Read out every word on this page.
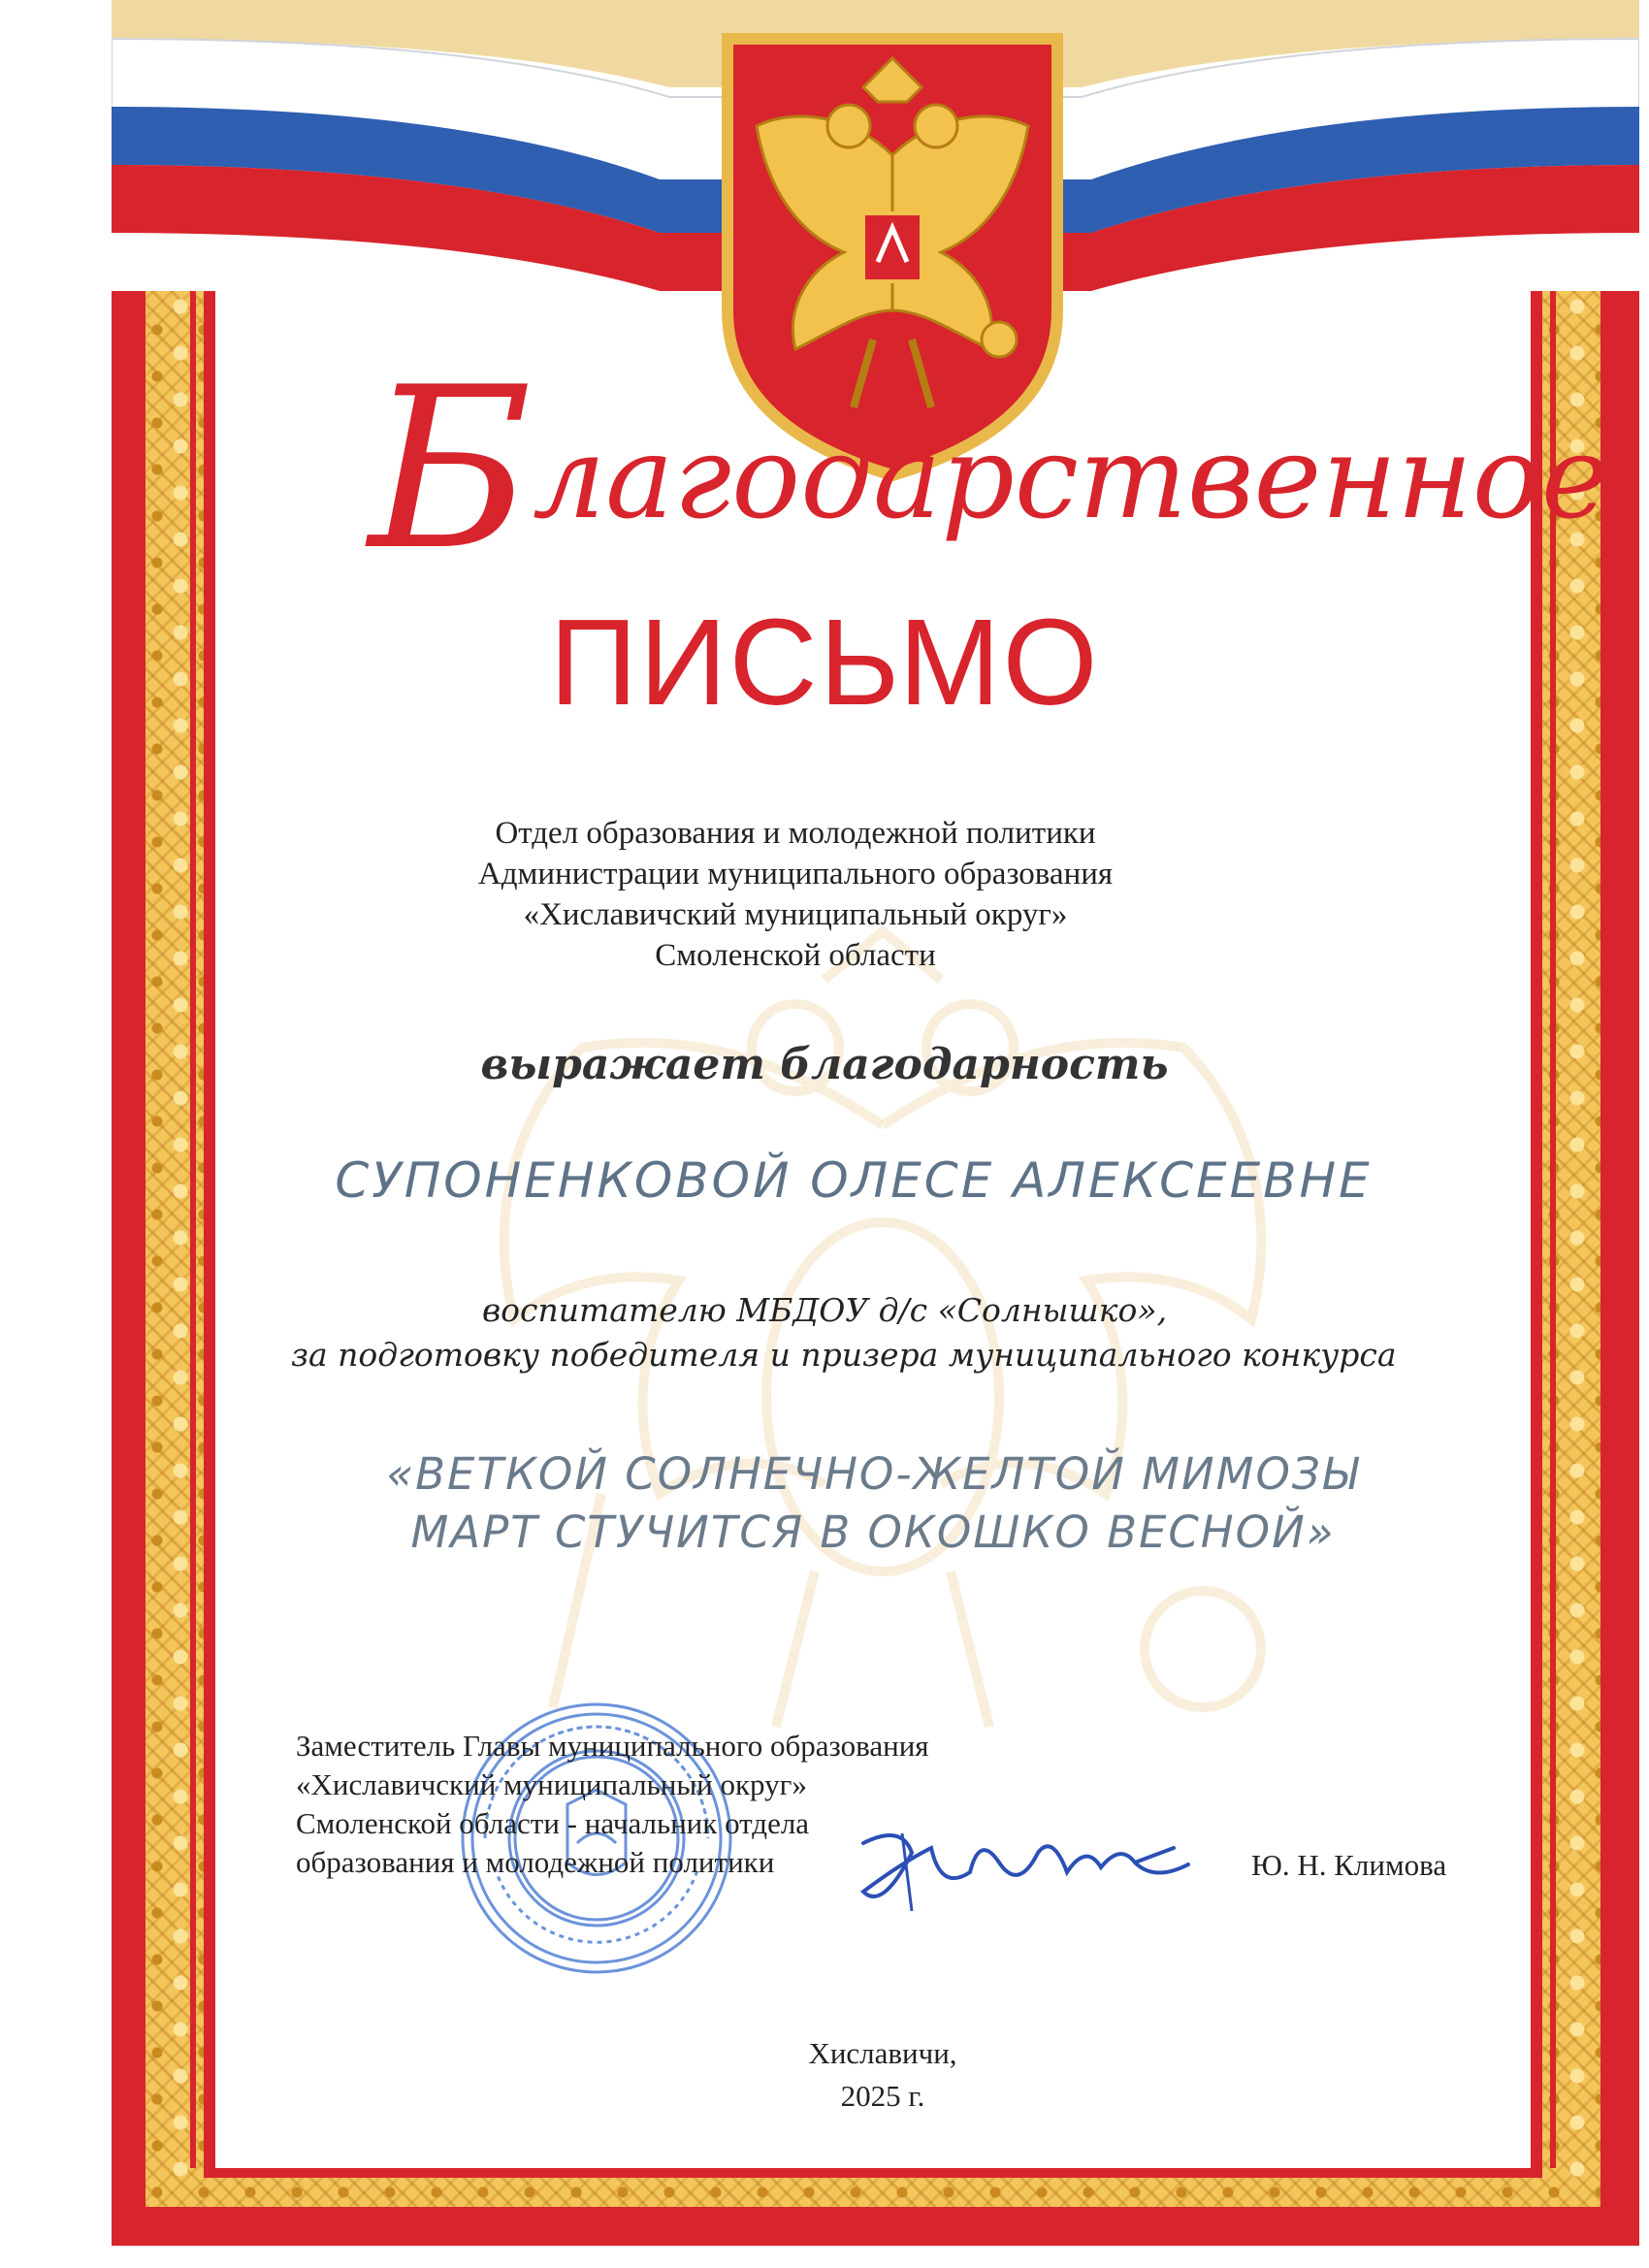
Благодарственное
ПИСЬМО
Отдел образования и молодежной политики
Администрации муниципального образования
«Хиславичский муниципальный округ»
Смоленской области
выражает благодарность
СУПОНЕНКОВОЙ ОЛЕСЕ АЛЕКСЕЕВНЕ
воспитателю МБДОУ д/с «Солнышко»,
за подготовку победителя и призера муниципального конкурса
«ВЕТКОЙ СОЛНЕЧНО-ЖЕЛТОЙ МИМОЗЫ
МАРТ СТУЧИТСЯ В ОКОШКО ВЕСНОЙ»
Заместитель Главы муниципального образования
«Хиславичский муниципальный округ»
Смоленской области - начальник отдела
образования и молодежной политики	Ю. Н. Климова
Хиславичи,
2025 г.
